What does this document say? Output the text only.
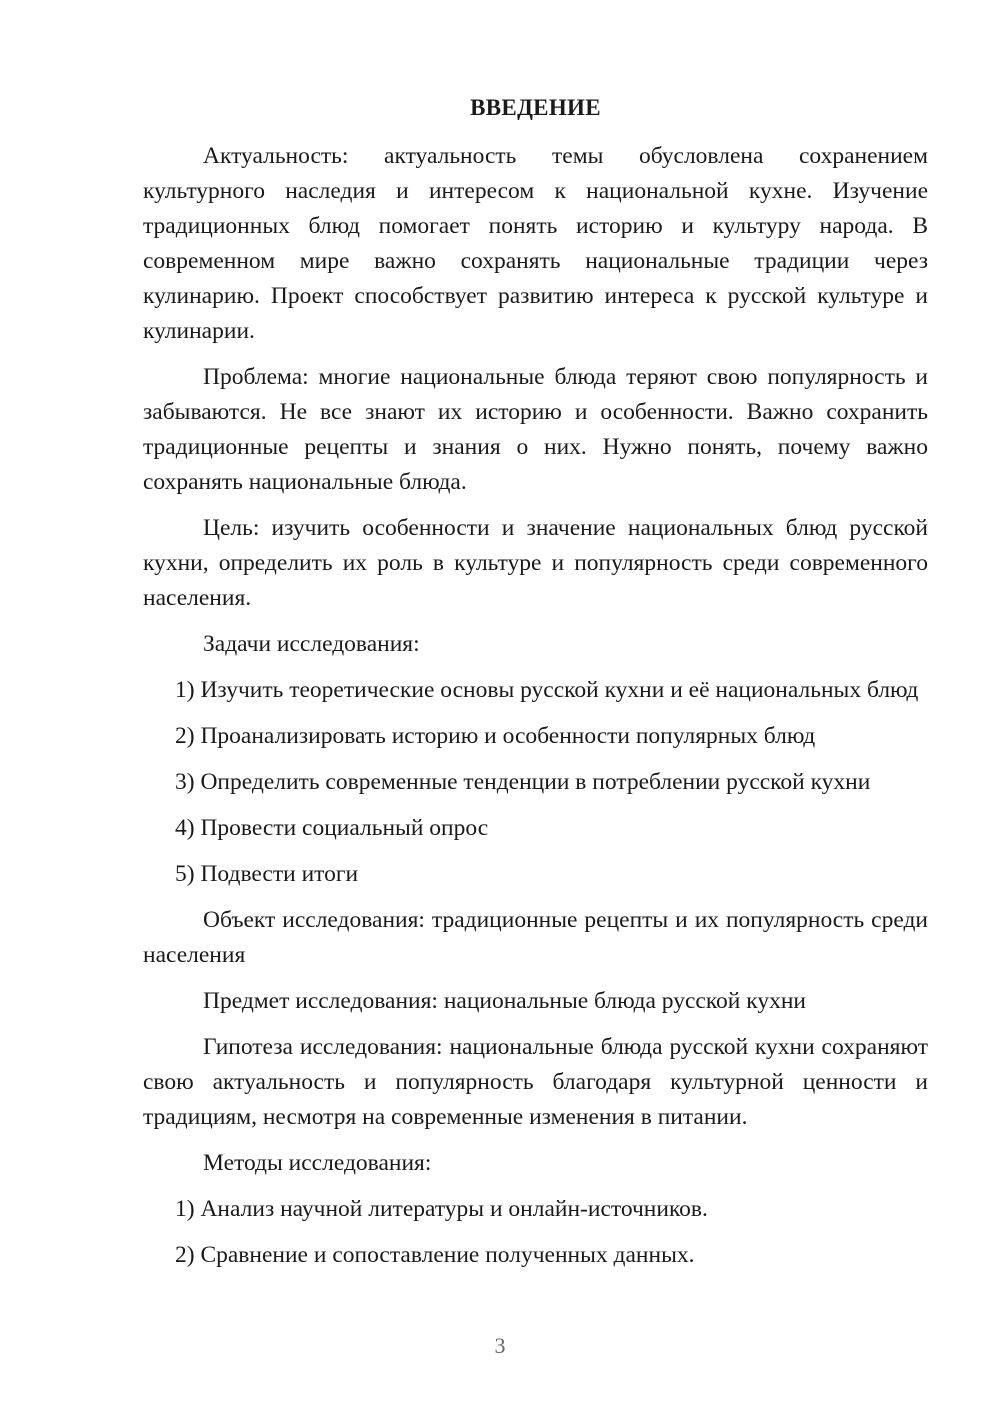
ВВЕДЕНИЕ

Актуальность: актуальность темы обусловлена сохранением культурного наследия и интересом к национальной кухне. Изучение традиционных блюд помогает понять историю и культуру народа. В современном мире важно сохранять национальные традиции через кулинарию. Проект способствует развитию интереса к русской культуре и кулинарии.

Проблема: многие национальные блюда теряют свою популярность и забываются. Не все знают их историю и особенности. Важно сохранить традиционные рецепты и знания о них. Нужно понять, почему важно сохранять национальные блюда.

Цель: изучить особенности и значение национальных блюд русской кухни, определить их роль в культуре и популярность среди современного населения.

Задачи исследования:

1) Изучить теоретические основы русской кухни и её национальных блюд

2) Проанализировать историю и особенности популярных блюд

3) Определить современные тенденции в потреблении русской кухни

4) Провести социальный опрос

5) Подвести итоги

Объект исследования: традиционные рецепты и их популярность среди населения

Предмет исследования: национальные блюда русской кухни

Гипотеза исследования: национальные блюда русской кухни сохраняют свою актуальность и популярность благодаря культурной ценности и традициям, несмотря на современные изменения в питании.

Методы исследования:

1) Анализ научной литературы и онлайн-источников.

2) Сравнение и сопоставление полученных данных.

3
